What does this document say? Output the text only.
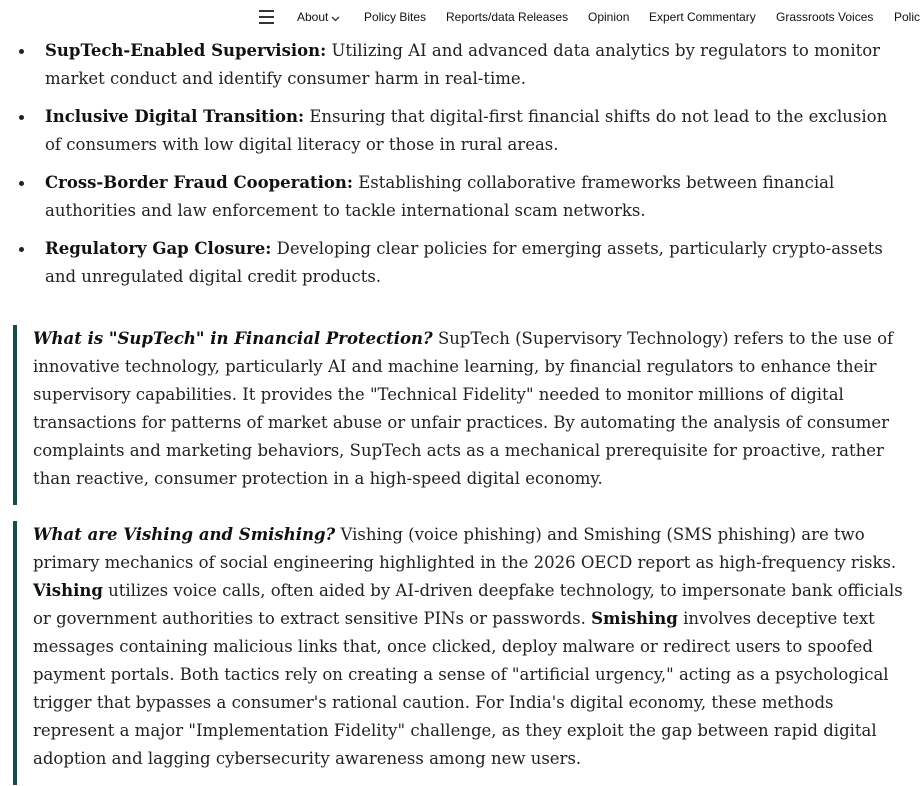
About	Policy Bites Reports/data Releases Opinion Expert Commentary Grassroots Voices Polic
SupTech-Enabled Supervision: Utilizing AI and advanced data analytics by regulators to monitor market conduct and identify consumer harm in real-time.
Inclusive Digital Transition: Ensuring that digital-first financial shifts do not lead to the exclusion of consumers with low digital literacy or those in rural areas.
Cross-Border Fraud Cooperation: Establishing collaborative frameworks between financial authorities and law enforcement to tackle international scam networks.
Regulatory Gap Closure: Developing clear policies for emerging assets, particularly crypto-assets and unregulated digital credit products.
What is "SupTech" in Financial Protection? SupTech (Supervisory Technology) refers to the use of innovative technology, particularly AI and machine learning, by financial regulators to enhance their supervisory capabilities. It provides the "Technical Fidelity" needed to monitor millions of digital transactions for patterns of market abuse or unfair practices. By automating the analysis of consumer complaints and marketing behaviors, SupTech acts as a mechanical prerequisite for proactive, rather than reactive, consumer protection in a high-speed digital economy.
What are Vishing and Smishing? Vishing (voice phishing) and Smishing (SMS phishing) are two primary mechanics of social engineering highlighted in the 2026 OECD report as high-frequency risks. Vishing utilizes voice calls, often aided by AI-driven deepfake technology, to impersonate bank officials or government authorities to extract sensitive PINs or passwords. Smishing involves deceptive text messages containing malicious links that, once clicked, deploy malware or redirect users to spoofed payment portals. Both tactics rely on creating a sense of "artificial urgency," acting as a psychological trigger that bypasses a consumer's rational caution. For India's digital economy, these methods represent a major "Implementation Fidelity" challenge, as they exploit the gap between rapid digital adoption and lagging cybersecurity awareness among new users.
